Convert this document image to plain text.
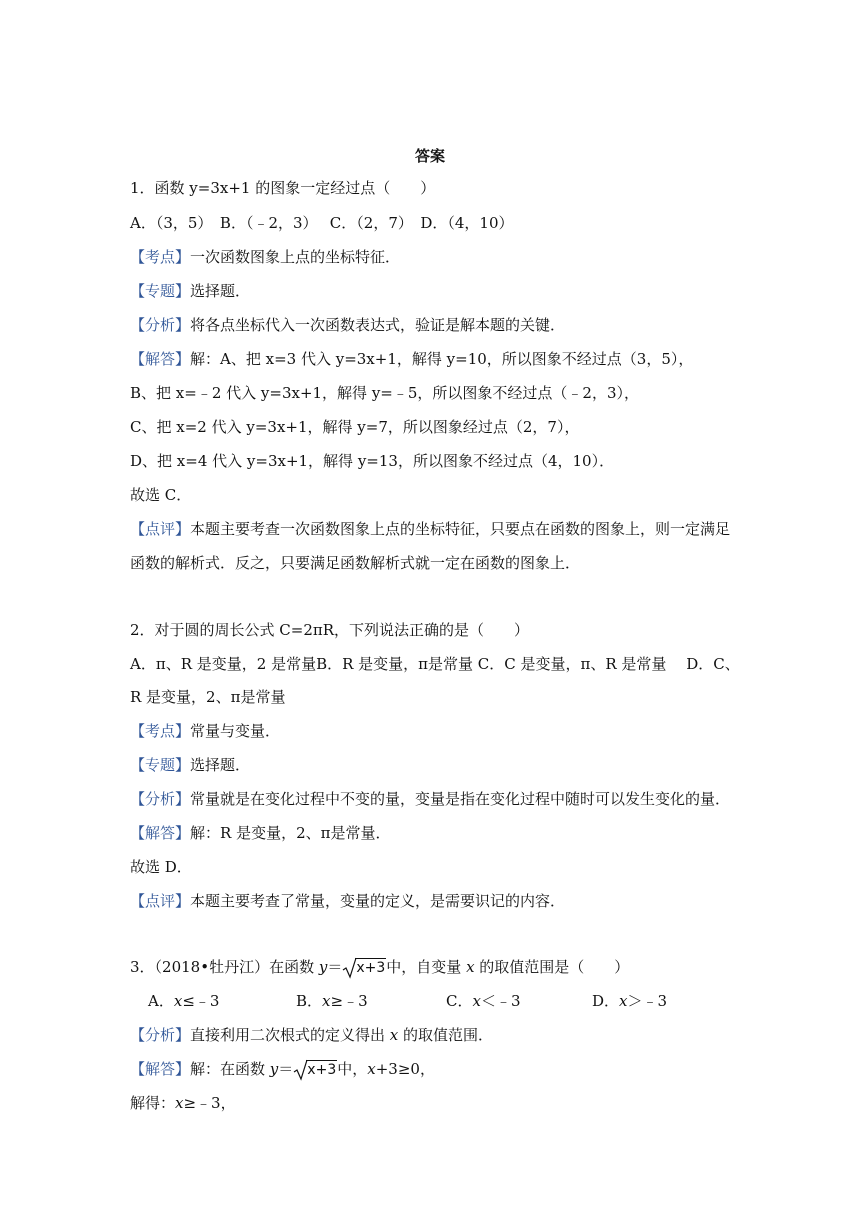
答案
1．函数 y=3x+1 的图象一定经过点（　　）
A．（3，5）　B．（﹣2，3）　 C．（2，7）　D．（4，10）
【考点】一次函数图象上点的坐标特征．
【专题】选择题．
【分析】将各点坐标代入一次函数表达式，验证是解本题的关键．
【解答】解：A、把 x=3 代入 y=3x+1，解得 y=10，所以图象不经过点（3，5），
B、把 x=﹣2 代入 y=3x+1，解得 y=﹣5，所以图象不经过点（﹣2，3），
C、把 x=2 代入 y=3x+1，解得 y=7，所以图象经过点（2，7），
D、把 x=4 代入 y=3x+1，解得 y=13，所以图象不经过点（4，10）．
故选 C．
【点评】本题主要考查一次函数图象上点的坐标特征，只要点在函数的图象上，则一定满足
函数的解析式．反之，只要满足函数解析式就一定在函数的图象上．
2．对于圆的周长公式 C=2πR，下列说法正确的是（　　）
A．π、R 是变量，2 是常量B．R 是变量，π是常量 C．C 是变量，π、R 是常量　 D．C、
R 是变量，2、π是常量
【考点】常量与变量．
【专题】选择题．
【分析】常量就是在变化过程中不变的量，变量是指在变化过程中随时可以发生变化的量．
【解答】解：R 是变量，2、π是常量．
故选 D．
【点评】本题主要考查了常量，变量的定义，是需要识记的内容．
3．（2018•牡丹江）在函数 y＝ x+3中，自变量 x 的取值范围是（　　）
A．x≤﹣3	B．x≥﹣3	C．x＜﹣3	D．x＞﹣3
【分析】直接利用二次根式的定义得出 x 的取值范围．
【解答】解：在函数 y＝ x+3中，x+3≥0，
解得：x≥﹣3，
